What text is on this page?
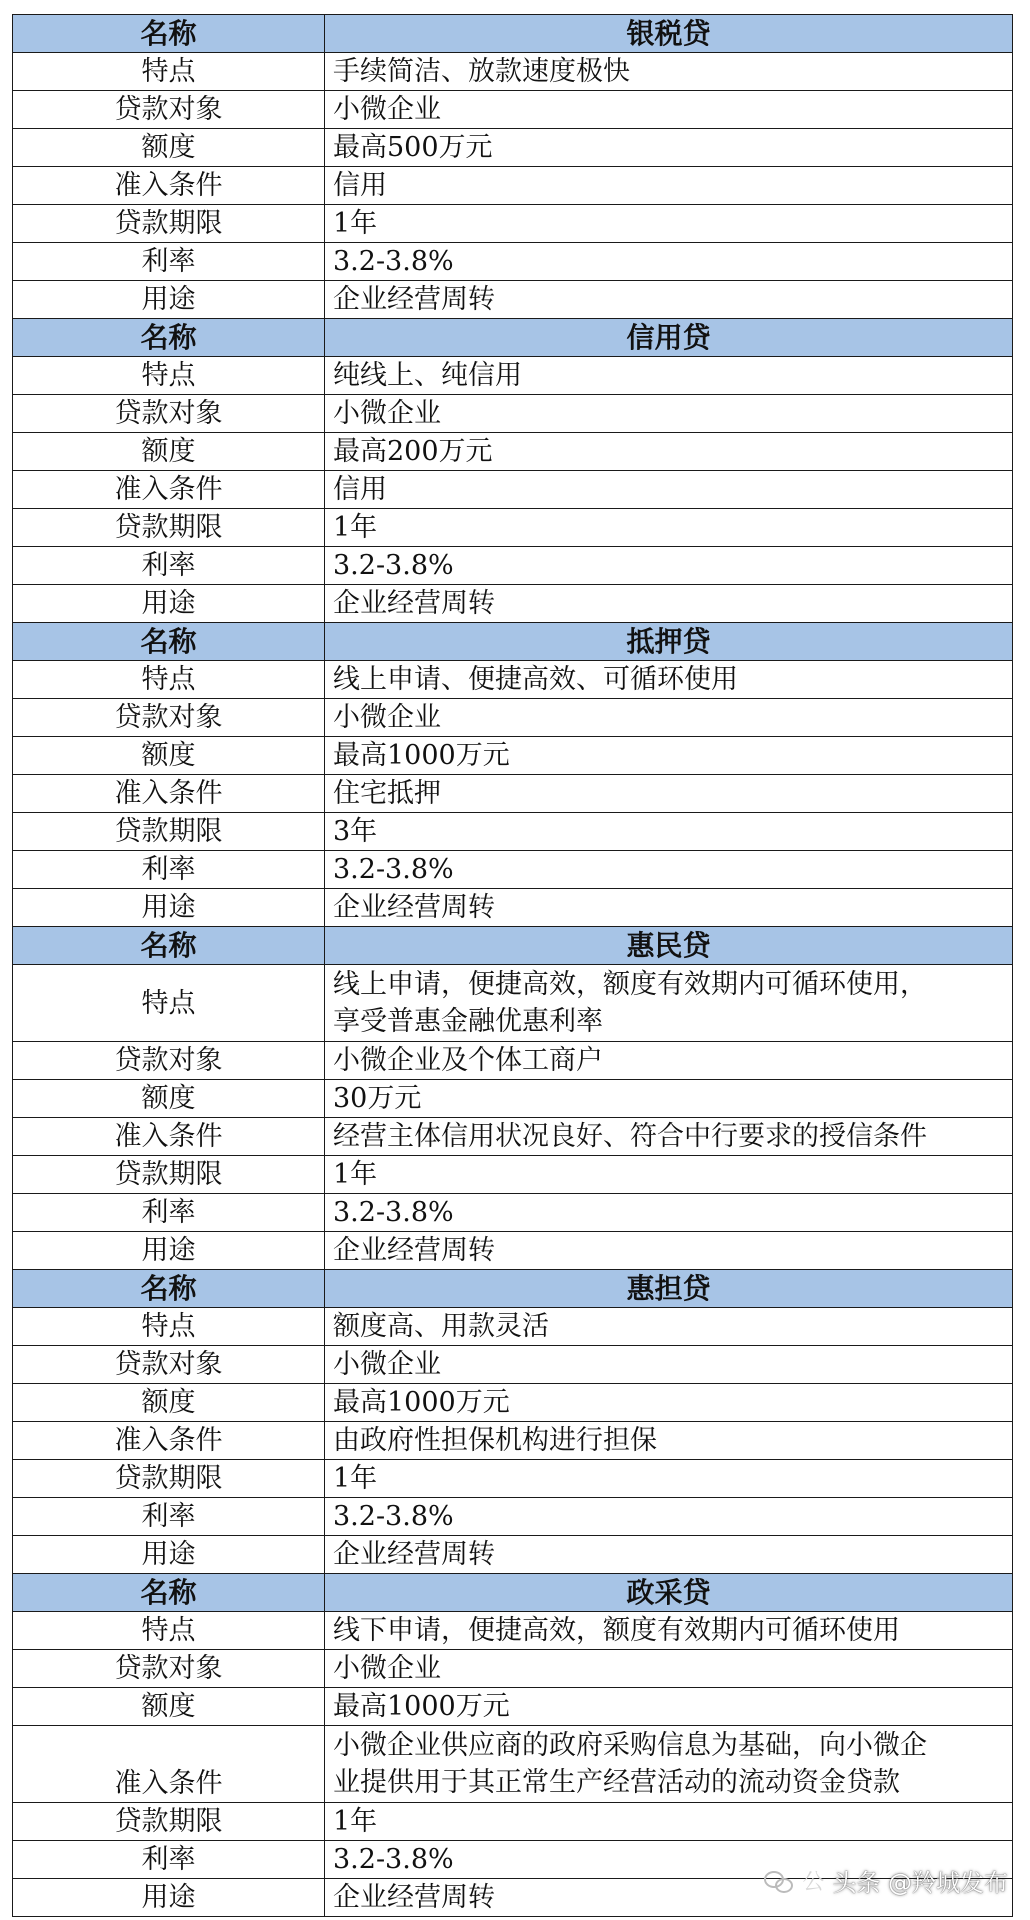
名称	银税贷
特点	手续简洁、放款速度极快

贷款对象	小微企业
额度	最高500万元
准入条件	信用

贷款期限	1年
利率	3.2-3.8%
用途	企业经营周转
名称	信用贷
特点	纯线上、纯信用

贷款对象	小微企业
额度	最高200万元
准入条件	信用

贷款期限	1年
利率	3.2-3.8%
用途	企业经营周转
名称	抵押贷
特点	线上申请、便捷高效、可循环使用

贷款对象	小微企业
额度	最高1000万元
准入条件	住宅抵押

贷款期限	3年
利率	3.2-3.8%
用途	企业经营周转
名称	惠民贷
特点	线上申请，便捷高效，额度有效期内可循环使用，
享受普惠金融优惠利率

贷款对象	小微企业及个体工商户
额度	30万元
准入条件	经营主体信用状况良好、符合中行要求的授信条件

贷款期限	1年
利率	3.2-3.8%
用途	企业经营周转
名称	惠担贷
特点	额度高、用款灵活

贷款对象	小微企业
额度	最高1000万元
准入条件	由政府性担保机构进行担保

贷款期限	1年
利率	3.2-3.8%
用途	企业经营周转
名称	政采贷
特点	线下申请，便捷高效，额度有效期内可循环使用

贷款对象	小微企业
额度	最高1000万元
准入条件	小微企业供应商的政府采购信息为基础，向小微企
业提供用于其正常生产经营活动的流动资金贷款

贷款期限	1年
利率	3.2-3.8%
用途	企业经营周转	公 头条 @羚城发布
